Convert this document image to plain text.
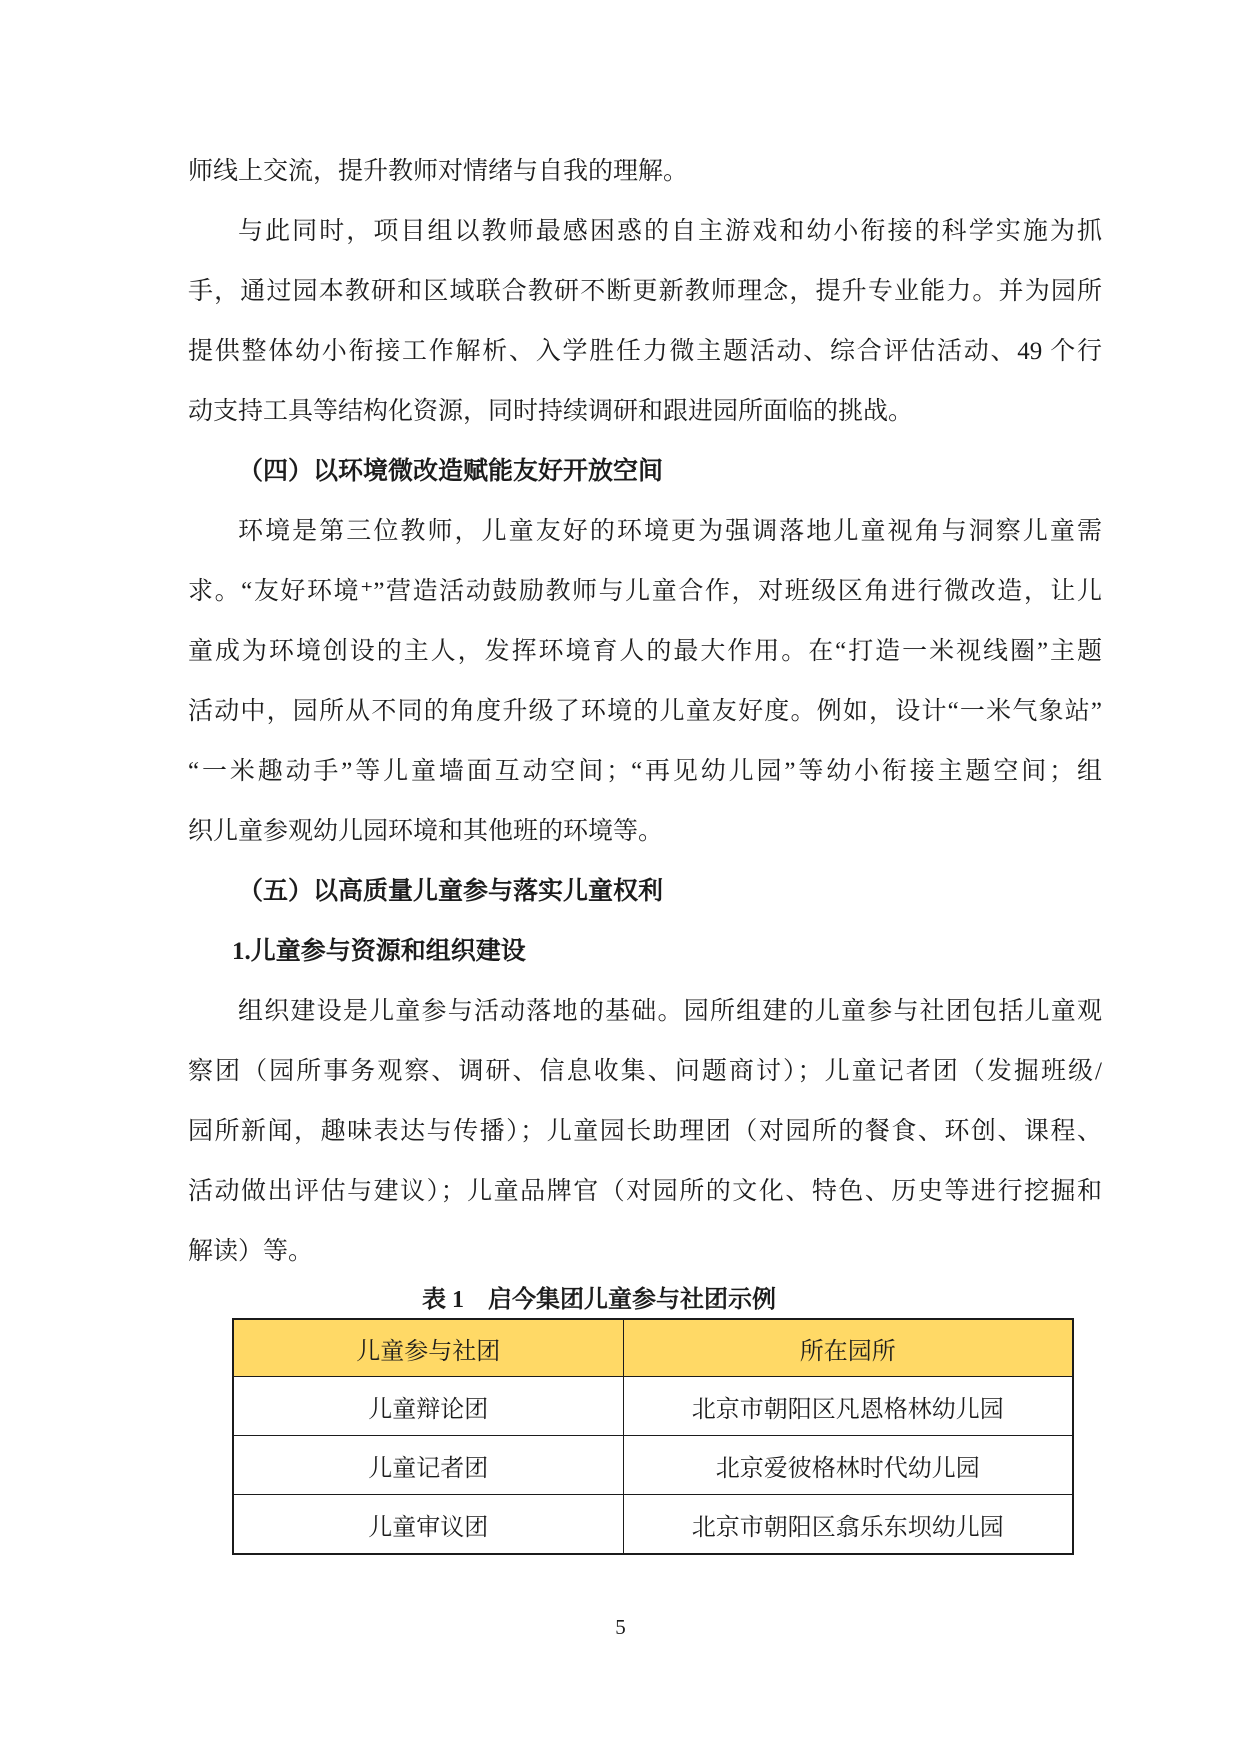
师线上交流，提升教师对情绪与自我的理解。
与此同时，项目组以教师最感困惑的自主游戏和幼小衔接的科学实施为抓
手，通过园本教研和区域联合教研不断更新教师理念，提升专业能力。并为园所
提供整体幼小衔接工作解析、入学胜任力微主题活动、综合评估活动、49 个行
动支持工具等结构化资源，同时持续调研和跟进园所面临的挑战。
（四）以环境微改造赋能友好开放空间
环境是第三位教师，儿童友好的环境更为强调落地儿童视角与洞察儿童需
求。“友好环境⁺”营造活动鼓励教师与儿童合作，对班级区角进行微改造，让儿
童成为环境创设的主人，发挥环境育人的最大作用。在“打造一米视线圈”主题
活动中，园所从不同的角度升级了环境的儿童友好度。例如，设计“一米气象站”
“一米趣动手”等儿童墙面互动空间；“再见幼儿园”等幼小衔接主题空间；组
织儿童参观幼儿园环境和其他班的环境等。
（五）以高质量儿童参与落实儿童权利
1.儿童参与资源和组织建设
组织建设是儿童参与活动落地的基础。园所组建的儿童参与社团包括儿童观
察团（园所事务观察、调研、信息收集、问题商讨）；儿童记者团（发掘班级/
园所新闻，趣味表达与传播）；儿童园长助理团（对园所的餐食、环创、课程、
活动做出评估与建议）；儿童品牌官（对园所的文化、特色、历史等进行挖掘和
解读）等。
表 1　启今集团儿童参与社团示例
儿童参与社团	所在园所
儿童辩论团	北京市朝阳区凡恩格林幼儿园
儿童记者团	北京爱彼格林时代幼儿园
儿童审议团	北京市朝阳区翕乐东坝幼儿园
5
